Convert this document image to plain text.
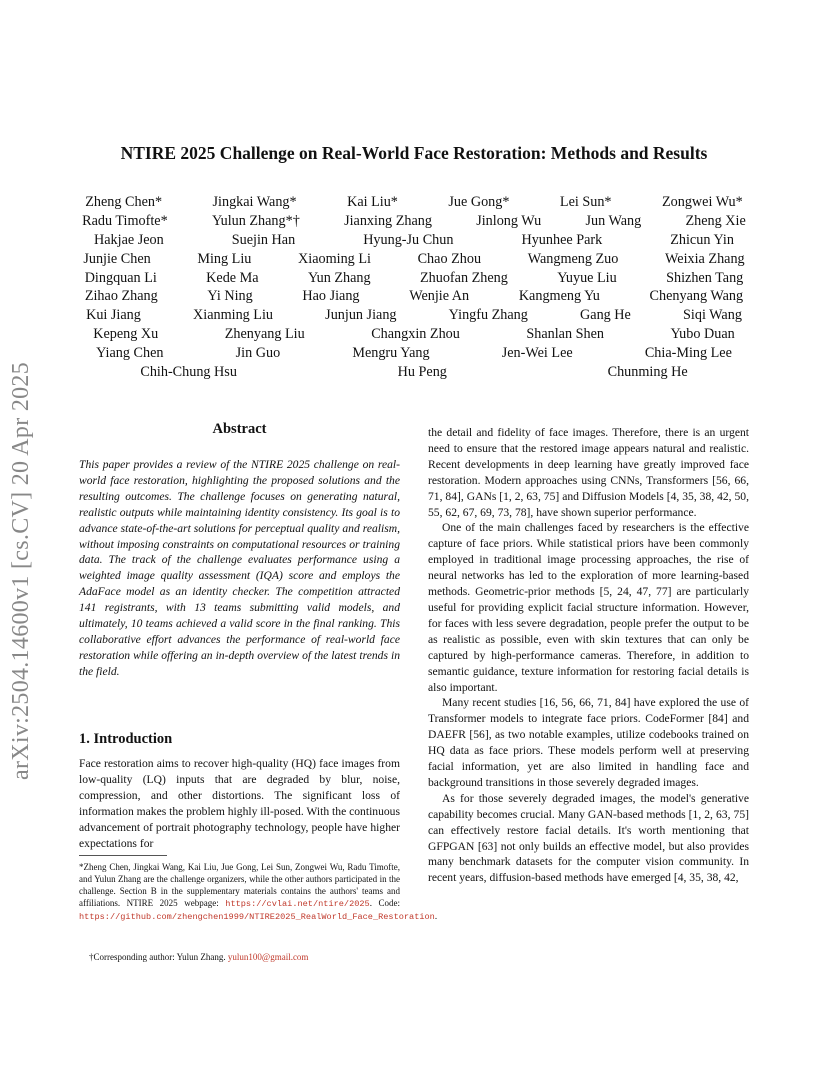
arXiv:2504.14600v1 [cs.CV] 20 Apr 2025
NTIRE 2025 Challenge on Real-World Face Restoration: Methods and Results
Zheng Chen*	Jingkai Wang*	Kai Liu*	Jue Gong*	Lei Sun*	Zongwei Wu*
Radu Timofte*	Yulun Zhang*†	Jianxing Zhang	Jinlong Wu	Jun Wang	Zheng Xie
Hakjae Jeon	Suejin Han	Hyung-Ju Chun	Hyunhee Park	Zhicun Yin
Junjie Chen	Ming Liu	Xiaoming Li	Chao Zhou	Wangmeng Zuo	Weixia Zhang
Dingquan Li	Kede Ma	Yun Zhang	Zhuofan Zheng	Yuyue Liu	Shizhen Tang
Zihao Zhang	Yi Ning	Hao Jiang	Wenjie An	Kangmeng Yu	Chenyang Wang
Kui Jiang	Xianming Liu	Junjun Jiang	Yingfu Zhang	Gang He	Siqi Wang
Kepeng Xu	Zhenyang Liu	Changxin Zhou	Shanlan Shen	Yubo Duan
Yiang Chen	Jin Guo	Mengru Yang	Jen-Wei Lee	Chia-Ming Lee
Chih-Chung Hsu	Hu Peng	Chunming He
Abstract
This paper provides a review of the NTIRE 2025 challenge on real-world face restoration, highlighting the proposed solutions and the resulting outcomes. The challenge focuses on generating natural, realistic outputs while maintaining identity consistency. Its goal is to advance state-of-the-art solutions for perceptual quality and realism, without imposing constraints on computational resources or training data. The track of the challenge evaluates performance using a weighted image quality assessment (IQA) score and employs the AdaFace model as an identity checker. The competition attracted 141 registrants, with 13 teams submitting valid models, and ultimately, 10 teams achieved a valid score in the final ranking. This collaborative effort advances the performance of real-world face restoration while offering an in-depth overview of the latest trends in the field.
1. Introduction
Face restoration aims to recover high-quality (HQ) face images from low-quality (LQ) inputs that are degraded by blur, noise, compression, and other distortions. The significant loss of information makes the problem highly ill-posed. With the continuous advancement of portrait photography technology, people have higher expectations for
*Zheng Chen, Jingkai Wang, Kai Liu, Jue Gong, Lei Sun, Zongwei Wu, Radu Timofte, and Yulun Zhang are the challenge organizers, while the other authors participated in the challenge. Section B in the supplementary materials contains the authors' teams and affiliations. NTIRE 2025 webpage: https://cvlai.net/ntire/2025. Code: https://github.com/zhengchen1999/NTIRE2025_RealWorld_Face_Restoration.
†Corresponding author: Yulun Zhang. yulun100@gmail.com

the detail and fidelity of face images. Therefore, there is an urgent need to ensure that the restored image appears natural and realistic. Recent developments in deep learning have greatly improved face restoration. Modern approaches using CNNs, Transformers [56, 66, 71, 84], GANs [1, 2, 63, 75] and Diffusion Models [4, 35, 38, 42, 50, 55, 62, 67, 69, 73, 78], have shown superior performance.

One of the main challenges faced by researchers is the effective capture of face priors. While statistical priors have been commonly employed in traditional image processing approaches, the rise of neural networks has led to the exploration of more learning-based methods. Geometric-prior methods [5, 24, 47, 77] are particularly useful for providing explicit facial structure information. However, for faces with less severe degradation, people prefer the output to be as realistic as possible, even with skin textures that can only be captured by high-performance cameras. Therefore, in addition to semantic guidance, texture information for restoring facial details is also important.

Many recent studies [16, 56, 66, 71, 84] have explored the use of Transformer models to integrate face priors. CodeFormer [84] and DAEFR [56], as two notable examples, utilize codebooks trained on HQ data as face priors. These models perform well at preserving facial information, yet are also limited in handling face and background transitions in those severely degraded images.

As for those severely degraded images, the model's generative capability becomes crucial. Many GAN-based methods [1, 2, 63, 75] can effectively restore facial details. It's worth mentioning that GFPGAN [63] not only builds an effective model, but also provides many benchmark datasets for the computer vision community. In recent years, diffusion-based methods have emerged [4, 35, 38, 42,
